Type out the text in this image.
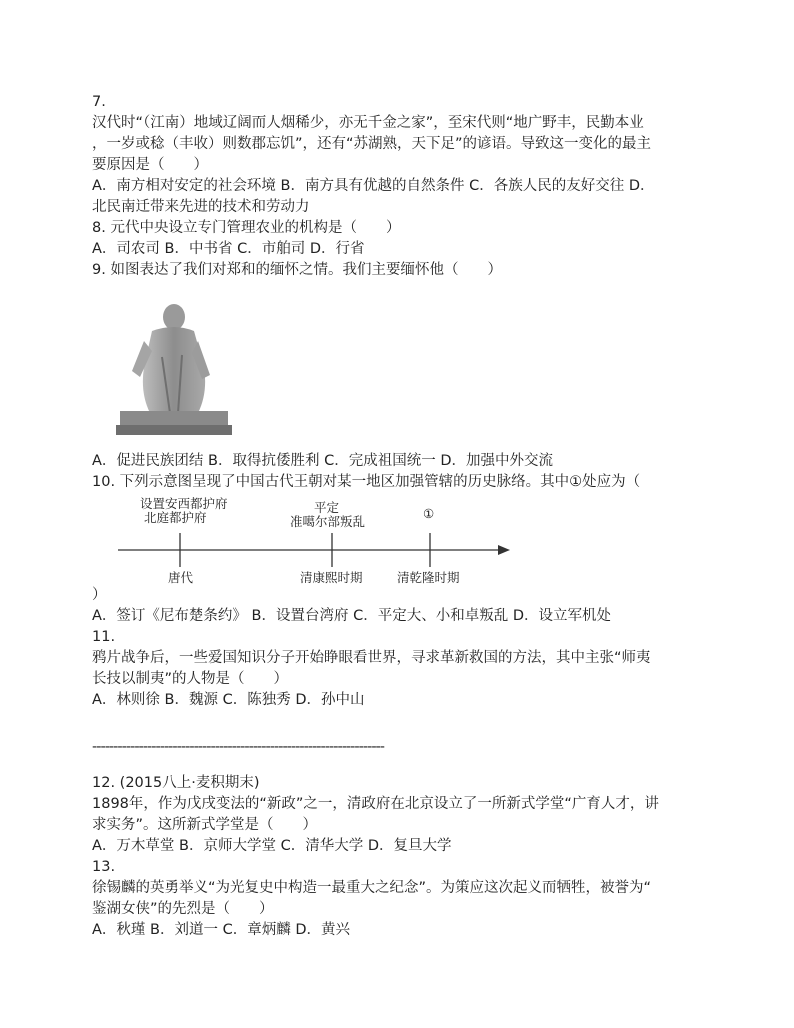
7.

汉代时“（江南）地域辽阔而人烟稀少，亦无千金之家”，至宋代则“地广野丰，民勤本业

，一岁或稔（丰收）则数郡忘饥”，还有“苏湖熟，天下足”的谚语。导致这一变化的最主

要原因是（　　）

A．南方相对安定的社会环境 B．南方具有优越的自然条件 C．各族人民的友好交往 D．

北民南迁带来先进的技术和劳动力

8. 元代中央设立专门管理农业的机构是（　　）

A．司农司 B．中书省 C．市舶司 D．行省

9. 如图表达了我们对郑和的缅怀之情。我们主要缅怀他（　　）

A．促进民族团结 B．取得抗倭胜利 C．完成祖国统一 D．加强中外交流

10. 下列示意图呈现了中国古代王朝对某一地区加强管辖的历史脉络。其中①处应为（

设置安西都护府
北庭都护府
平定
准噶尔部叛乱
①
唐代	清康熙时期	清乾隆时期

）

A．签订《尼布楚条约》 B．设置台湾府 C．平定大、小和卓叛乱 D．设立军机处

11.

鸦片战争后，一些爱国知识分子开始睁眼看世界，寻求革新救国的方法，其中主张“师夷

长技以制夷”的人物是（　　）

A．林则徐 B．魏源 C．陈独秀 D．孙中山

---------------------------------------------------------------------

12. (2015八上·麦积期末)

1898年，作为戊戌变法的“新政”之一，清政府在北京设立了一所新式学堂“广育人才，讲

求实务”。这所新式学堂是（　　）

A．万木草堂 B．京师大学堂 C．清华大学 D．复旦大学

13.

徐锡麟的英勇举义“为光复史中构造一最重大之纪念”。为策应这次起义而牺牲，被誉为“

鉴湖女侠”的先烈是（　　）

A．秋瑾 B．刘道一 C．章炳麟 D．黄兴
